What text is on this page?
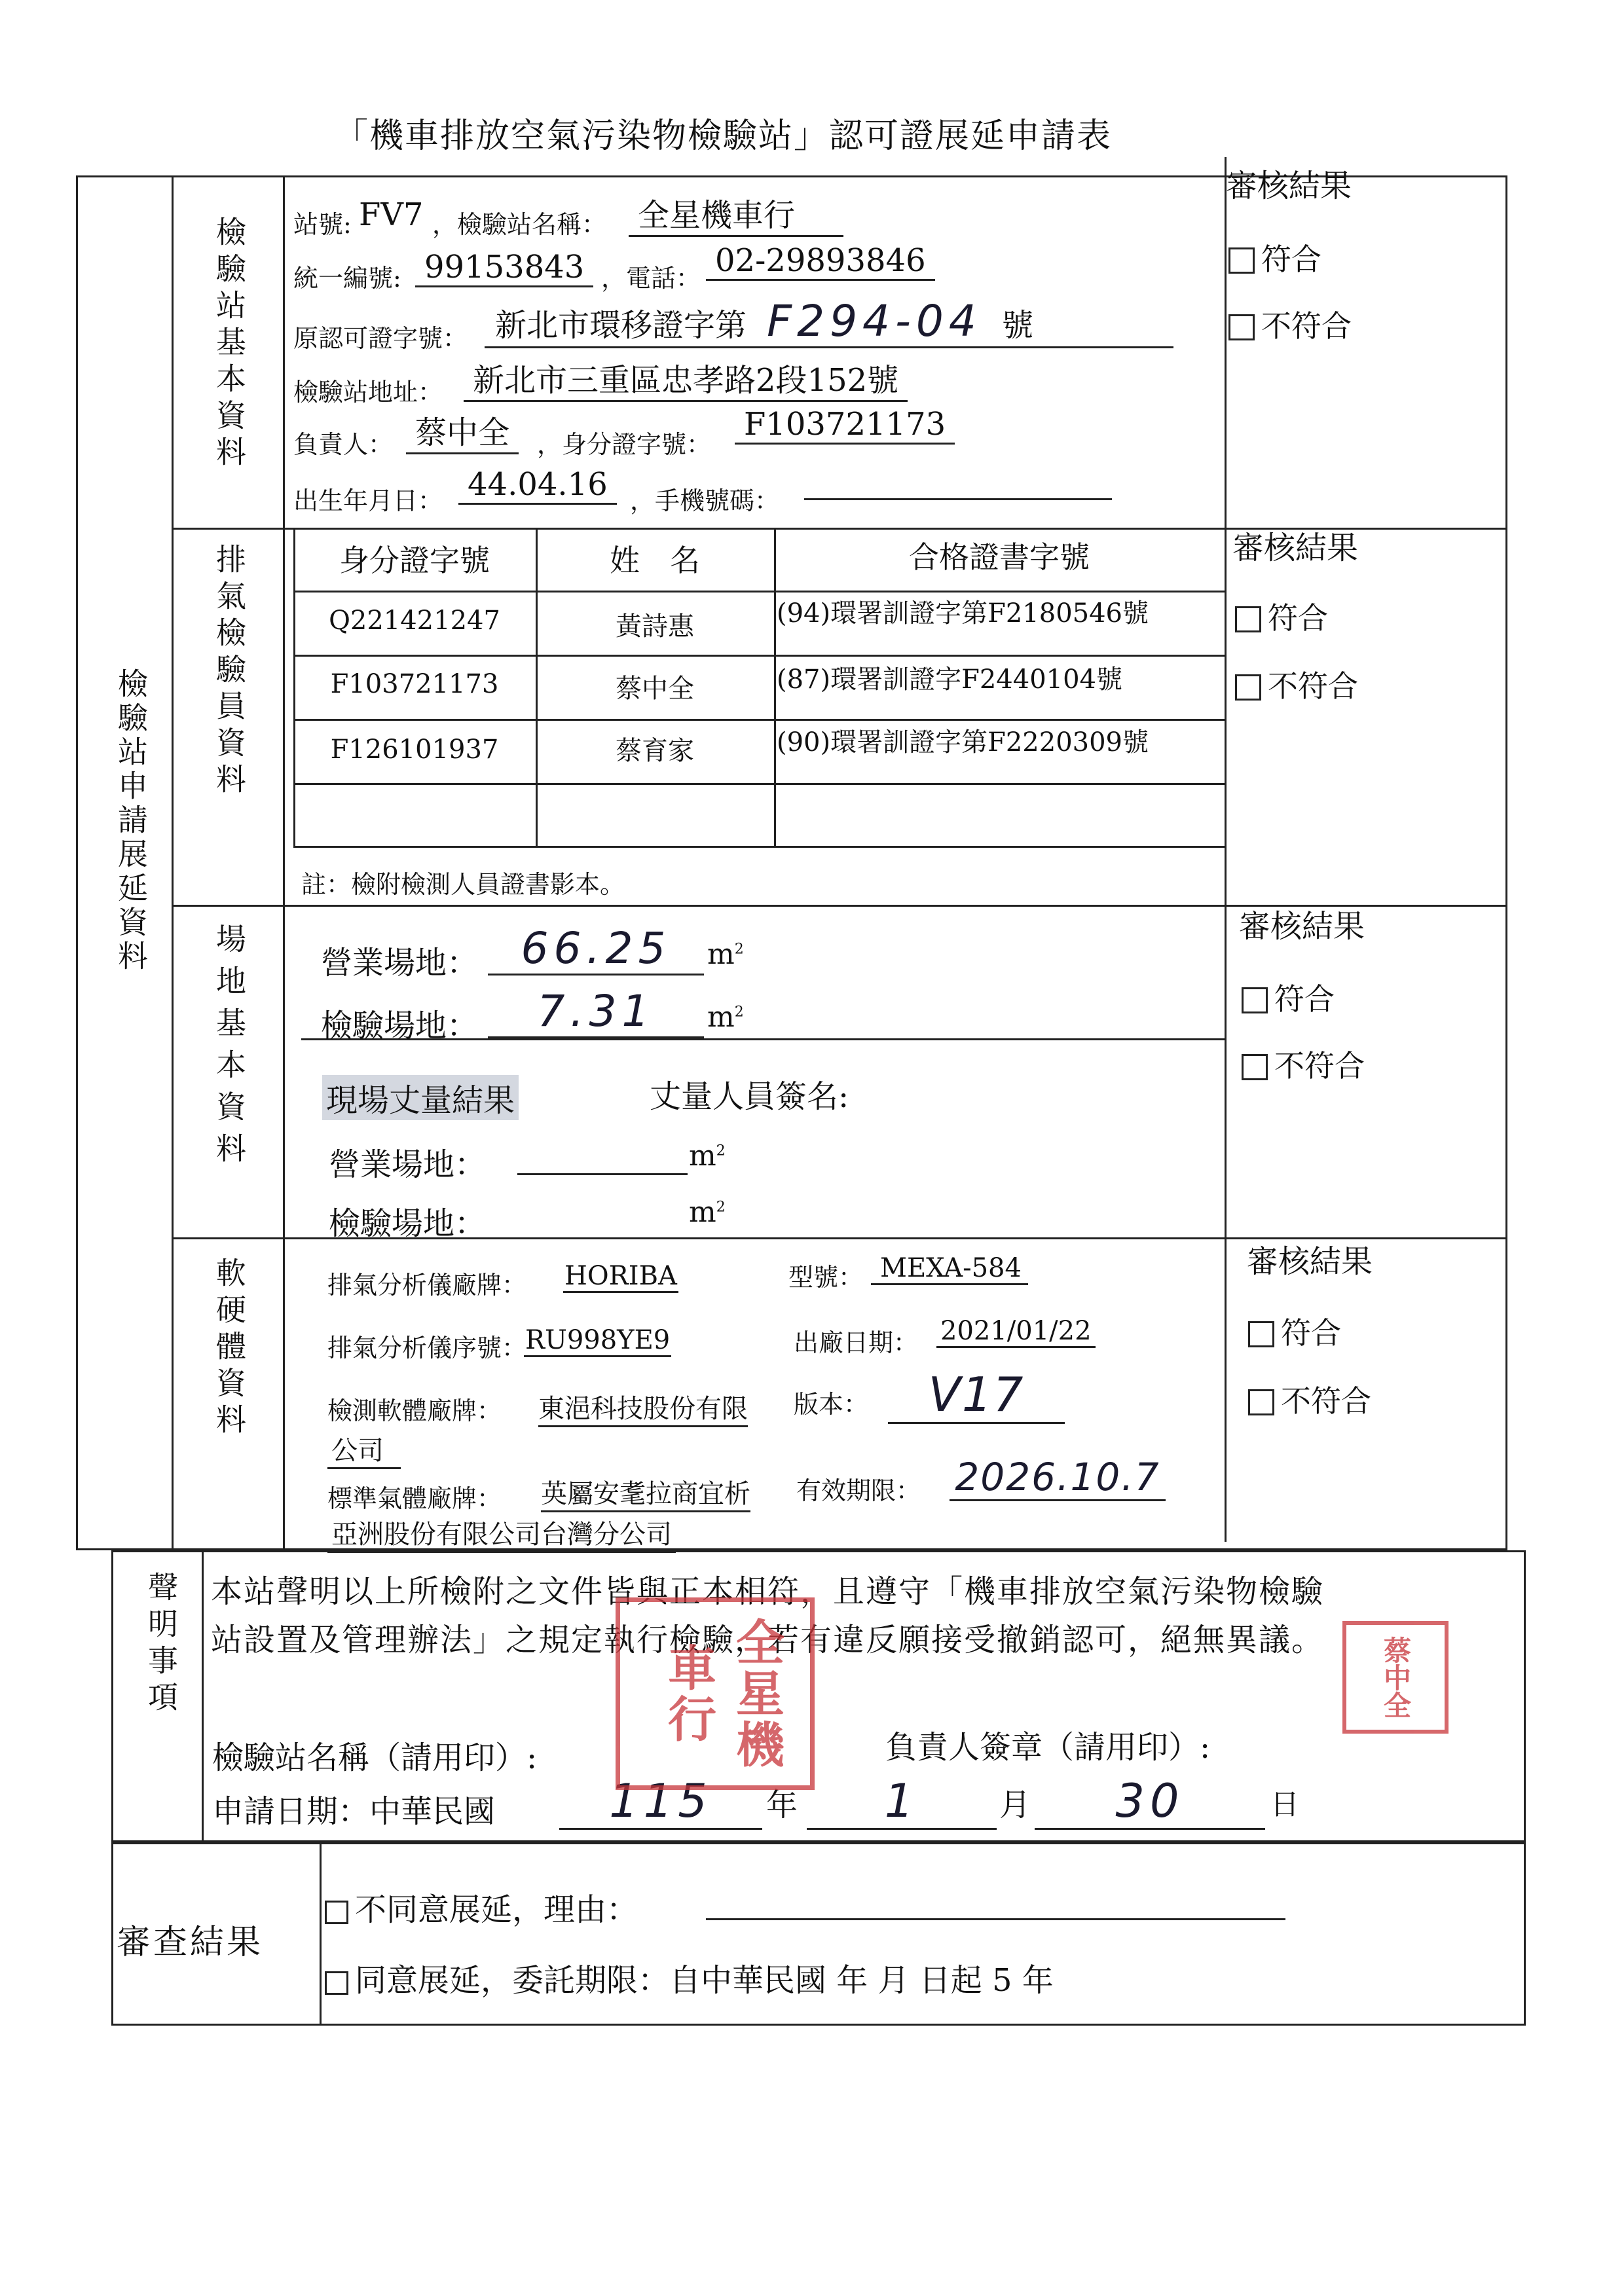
「機車排放空氣污染物檢驗站」認可證展延申請表
檢驗站申請展延資料
檢驗站基本資料 站號: FV7 ，檢驗站名稱： 全星機車行
統一編號: 99153843 ，電話： 02-29893846
原認可證字號： 新北市環移證字第 F294-04 號
檢驗站地址： 新北市三重區忠孝路2段152號
負責人： 蔡中全	，身分證字號：
F103721173
出生年月日： 44.04.16 ，手機號碼：
審核結果
符合
不符合
排氣檢驗員資料	身分證字號	姓　名	合格證書字號
Q221421247	黃詩惠	(94)環署訓證字第F2180546號
F103721173	蔡中全	(87)環署訓證字F2440104號
F126101937	蔡育家	(90)環署訓證字第F2220309號
註：檢附檢測人員證書影本。
審核結果
符合
不符合
場地基本資料 營業場地： 66.25	$m^2$
檢驗場地：	7.31	$m^2$
現場丈量結果	丈量人員簽名:
營業場地：	$m^2$
檢驗場地：	$m^2$
審核結果
符合
不符合
軟硬體資料	排氣分析儀廠牌： HORIBA	型號： MEXA-584
排氣分析儀序號：
RU998YE9	出廠日期： 2021/01/22
檢測軟體廠牌： 東浥科技股份有限
公司
版本：	V17
標準氣體廠牌： 英屬安耄拉商宜析
亞洲股份有限公司台灣分公司
有效期限： 2026.10.7
審核結果
符合
不符合
聲明事項 本站聲明以上所檢附之文件皆與正本相符，且遵守「機車排放空氣污染物檢驗
站設置及管理辦法」之規定執行檢驗，若有違反願接受撤銷認可，絕無異議。
檢驗站名稱（請用印）:	負責人簽章（請用印）:
申請日期：中華民國	115	年	1	月	30	日
全星機車行	蔡中全
審查結果
不同意展延，理由：
同意展延，委託期限：自中華民國 年 月 日起 5 年
